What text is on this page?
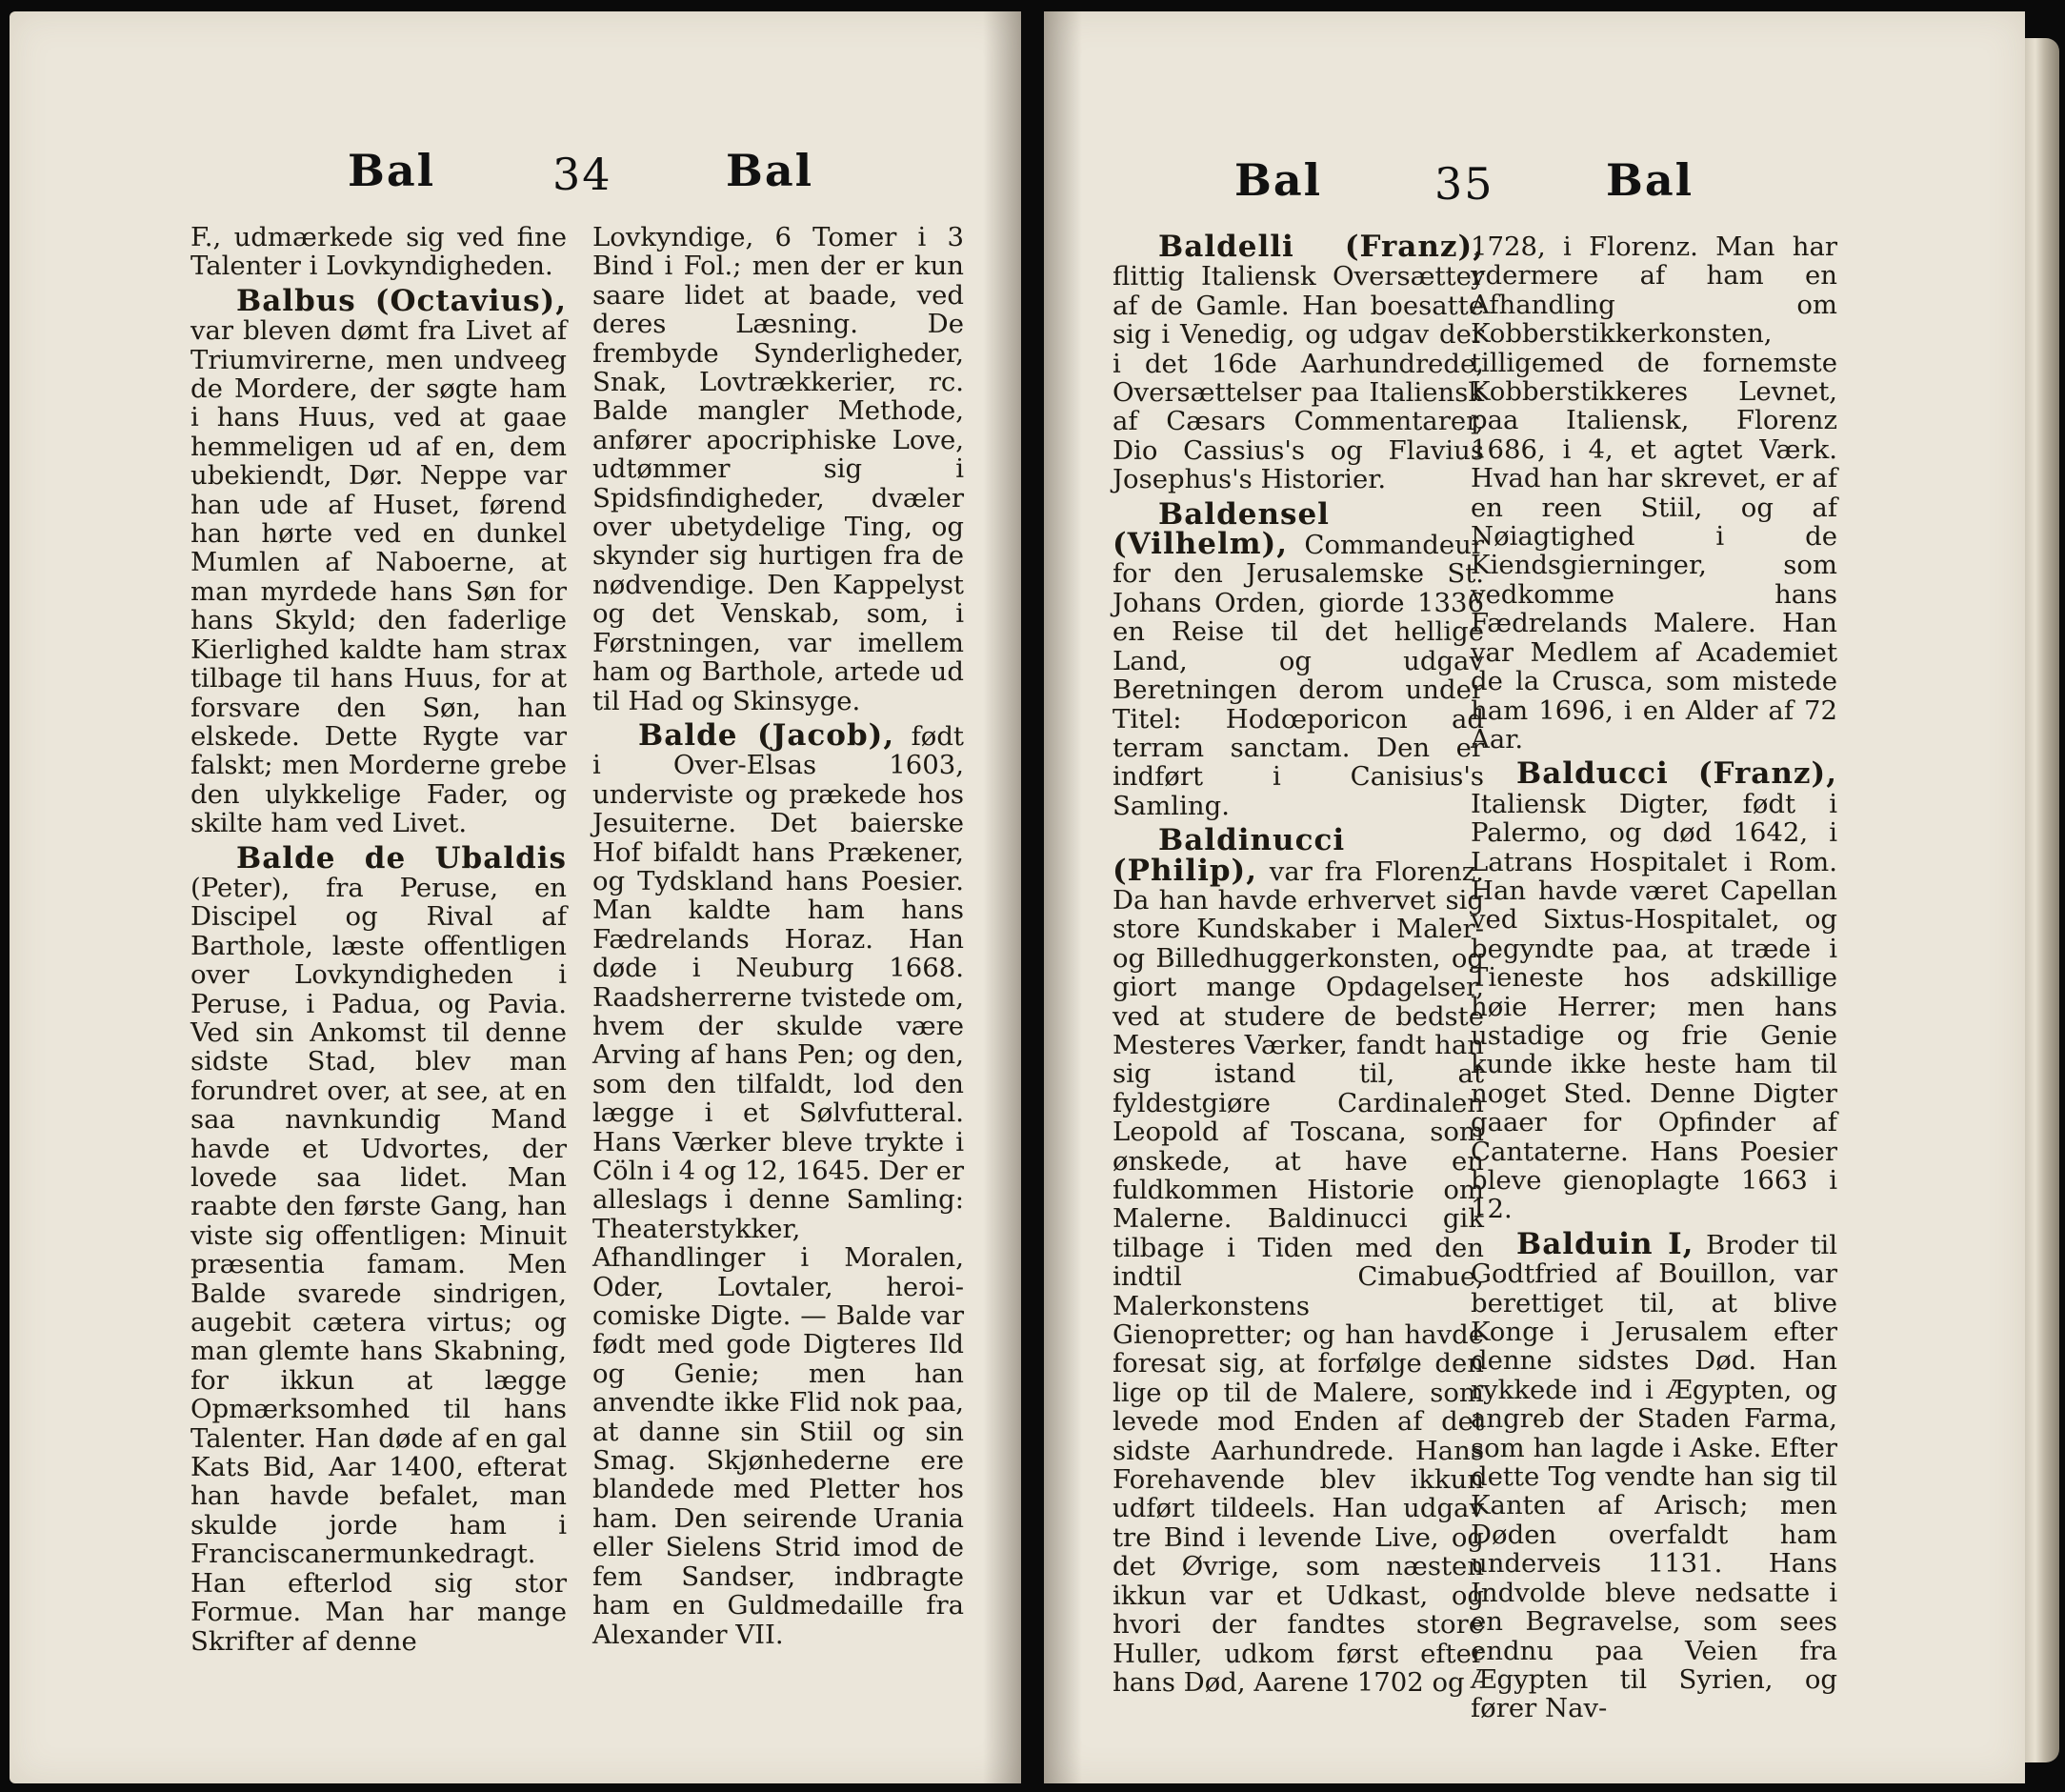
Bal	34	Bal

F., udmærkede sig ved fine Talenter i Lovkyndigheden.

Balbus (Octavius), var bleven dømt fra Livet af Triumvirerne, men undveeg de Mordere, der søgte ham i hans Huus, ved at gaae hemmeligen ud af en, dem ubekiendt, Dør. Neppe var han ude af Huset, førend han hørte ved en dunkel Mumlen af Naboerne, at man myrdede hans Søn for hans Skyld; den faderlige Kierlighed kaldte ham strax tilbage til hans Huus, for at forsvare den Søn, han elskede. Dette Rygte var falskt; men Morderne grebe den ulykkelige Fader, og skilte ham ved Livet.

Balde de Ubaldis (Peter), fra Peruse, en Discipel og Rival af Barthole, læste offentligen over Lovkyndigheden i Peruse, i Padua, og Pavia. Ved sin Ankomst til denne sidste Stad, blev man forundret over, at see, at en saa navnkundig Mand havde et Udvortes, der lovede saa lidet. Man raabte den første Gang, han viste sig offentligen: Minuit præsentia famam. Men Balde svarede sindrigen, augebit cætera virtus; og man glemte hans Skabning, for ikkun at lægge Opmærksomhed til hans Talenter. Han døde af en gal Kats Bid, Aar 1400, efterat han havde befalet, man skulde jorde ham i Franciscanermunkedragt. Han efterlod sig stor Formue. Man har mange Skrifter af denne

Lovkyndige, 6 Tomer i 3 Bind i Fol.; men der er kun saare lidet at baade, ved deres Læsning. De frembyde Synderligheder, Snak, Lovtrækkerier, rc. Balde mangler Methode, anfører apocriphiske Love, udtømmer sig i Spidsfindigheder, dvæler over ubetydelige Ting, og skynder sig hurtigen fra de nødvendige. Den Kappelyst og det Venskab, som, i Førstningen, var imellem ham og Barthole, artede ud til Had og Skinsyge.

Balde (Jacob), født i Over-Elsas 1603, underviste og prækede hos Jesuiterne. Det baierske Hof bifaldt hans Prækener, og Tydskland hans Poesier. Man kaldte ham hans Fædrelands Horaz. Han døde i Neuburg 1668. Raadsherrerne tvistede om, hvem der skulde være Arving af hans Pen; og den, som den tilfaldt, lod den lægge i et Sølvfutteral. Hans Værker bleve trykte i Cöln i 4 og 12, 1645. Der er alleslags i denne Samling: Theaterstykker, Afhandlinger i Moralen, Oder, Lovtaler, heroi-comiske Digte. — Balde var født med gode Digteres Ild og Genie; men han anvendte ikke Flid nok paa, at danne sin Stiil og sin Smag. Skjønhederne ere blandede med Pletter hos ham. Den seirende Urania eller Sielens Strid imod de fem Sandser, indbragte ham en Guldmedaille fra Alexander VII.

Bal	35	Bal

Baldelli (Franz), flittig Italiensk Oversætter af de Gamle. Han boesatte sig i Venedig, og udgav der i det 16de Aarhundrede, Oversættelser paa Italiensk af Cæsars Commentarer, Dio Cassius's og Flavius Josephus's Historier.

Baldensel (Vilhelm), Commandeur for den Jerusalemske St. Johans Orden, giorde 1336 en Reise til det hellige Land, og udgav Beretningen derom under Titel: Hodœporicon ad terram sanctam. Den er indført i Canisius's Samling.

Baldinucci (Philip), var fra Florenz. Da han havde erhvervet sig store Kundskaber i Maler- og Billedhuggerkonsten, og giort mange Opdagelser, ved at studere de bedste Mesteres Værker, fandt han sig istand til, at fyldestgiøre Cardinalen Leopold af Toscana, som ønskede, at have en fuldkommen Historie om Malerne. Baldinucci gik tilbage i Tiden med den indtil Cimabue, Malerkonstens Gienopretter; og han havde foresat sig, at forfølge den lige op til de Malere, som levede mod Enden af det sidste Aarhundrede. Hans Forehavende blev ikkun udført tildeels. Han udgav tre Bind i levende Live, og det Øvrige, som næsten ikkun var et Udkast, og hvori der fandtes store Huller, udkom først efter hans Død, Aarene 1702 og

1728, i Florenz. Man har ydermere af ham en Afhandling om Kobberstikkerkonsten, tilligemed de fornemste Kobberstikkeres Levnet, paa Italiensk, Florenz 1686, i 4, et agtet Værk. Hvad han har skrevet, er af en reen Stiil, og af Nøiagtighed i de Kiendsgierninger, som vedkomme hans Fædrelands Malere. Han var Medlem af Academiet de la Crusca, som mistede ham 1696, i en Alder af 72 Aar.

Balducci (Franz), Italiensk Digter, født i Palermo, og død 1642, i Latrans Hospitalet i Rom. Han havde været Capellan ved Sixtus-Hospitalet, og begyndte paa, at træde i Tieneste hos adskillige høie Herrer; men hans ustadige og frie Genie kunde ikke heste ham til noget Sted. Denne Digter gaaer for Opfinder af Cantaterne. Hans Poesier bleve gienoplagte 1663 i 12.

Balduin I, Broder til Godtfried af Bouillon, var berettiget til, at blive Konge i Jerusalem efter denne sidstes Død. Han rykkede ind i Ægypten, og angreb der Staden Farma, som han lagde i Aske. Efter dette Tog vendte han sig til Kanten af Arisch; men Døden overfaldt ham underveis 1131. Hans Indvolde bleve nedsatte i en Begravelse, som sees endnu paa Veien fra Ægypten til Syrien, og fører Nav-
